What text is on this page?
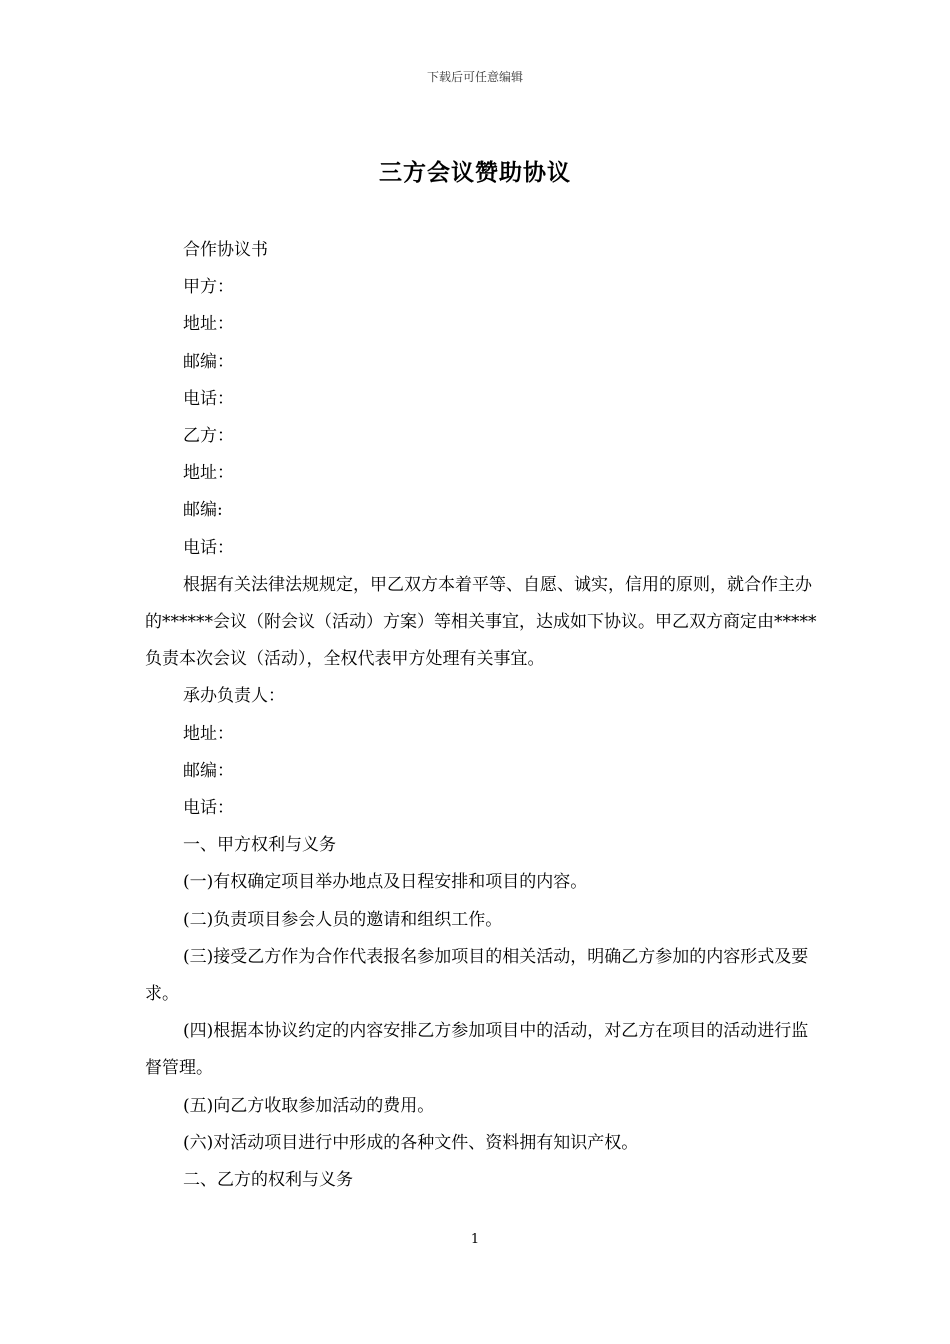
下载后可任意编辑
三方会议赞助协议

合作协议书

甲方：

地址：

邮编：

电话：

乙方：

地址：

邮编:

电话：

根据有关法律法规规定，甲乙双方本着平等、自愿、诚实，信用的原则，就合作主办的******会议（附会议（活动）方案）等相关事宜，达成如下协议。甲乙双方商定由*****负责本次会议（活动），全权代表甲方处理有关事宜。

承办负责人：

地址：

邮编：

电话：

一、甲方权利与义务

(一)有权确定项目举办地点及日程安排和项目的内容。

(二)负责项目参会人员的邀请和组织工作。

(三)接受乙方作为合作代表报名参加项目的相关活动，明确乙方参加的内容形式及要求。

(四)根据本协议约定的内容安排乙方参加项目中的活动，对乙方在项目的活动进行监督管理。

(五)向乙方收取参加活动的费用。

(六)对活动项目进行中形成的各种文件、资料拥有知识产权。

二、乙方的权利与义务

1
